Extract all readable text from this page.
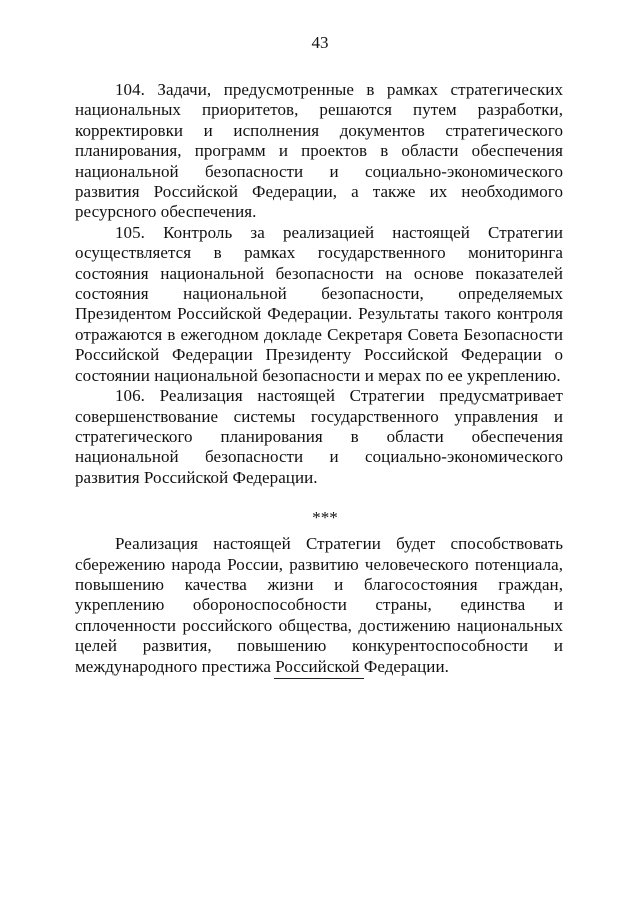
43

104. Задачи, предусмотренные в рамках стратегических национальных приоритетов, решаются путем разработки, корректировки и исполнения документов стратегического планирования, программ и проектов в области обеспечения национальной безопасности и социально-экономического развития Российской Федерации, а также их необходимого ресурсного обеспечения.

105. Контроль за реализацией настоящей Стратегии осуществляется в рамках государственного мониторинга состояния национальной безопасности на основе показателей состояния национальной безопасности, определяемых Президентом Российской Федерации. Результаты такого контроля отражаются в ежегодном докладе Секретаря Совета Безопасности Российской Федерации Президенту Российской Федерации о состоянии национальной безопасности и мерах по ее укреплению.

106. Реализация настоящей Стратегии предусматривает совершенствование системы государственного управления и стратегического планирования в области обеспечения национальной безопасности и социально-экономического развития Российской Федерации.

***

Реализация настоящей Стратегии будет способствовать сбережению народа России, развитию человеческого потенциала, повышению качества жизни и благосостояния граждан, укреплению обороноспособности страны, единства и сплоченности российского общества, достижению национальных целей развития, повышению конкурентоспособности и международного престижа Российской Федерации.
